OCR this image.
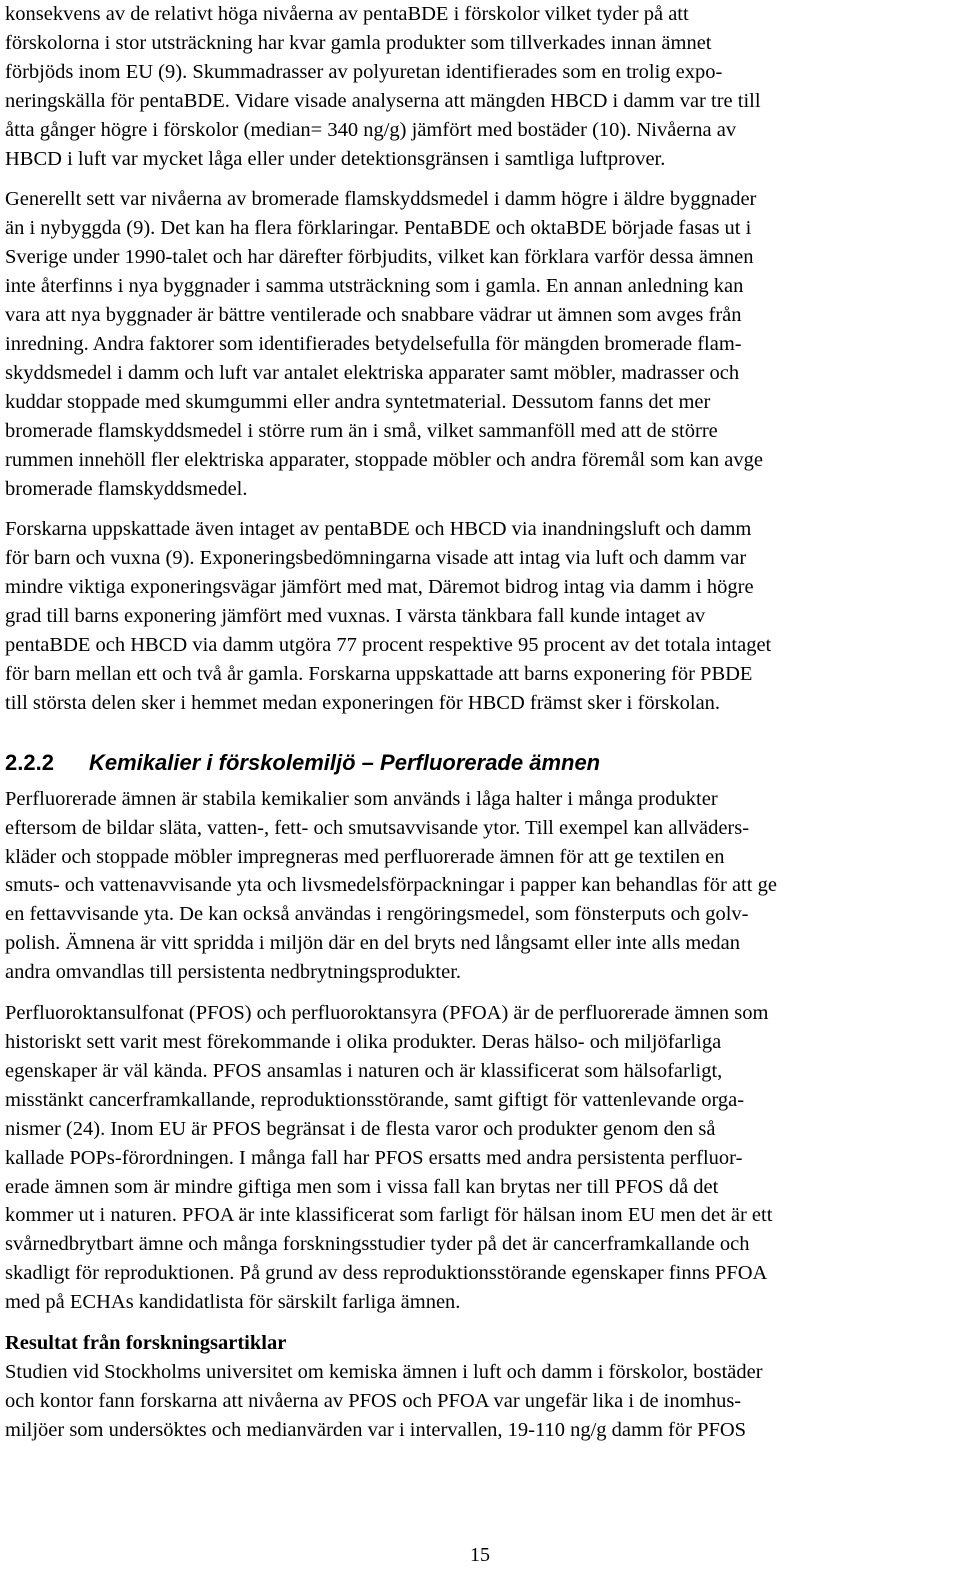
konsekvens av de relativt höga nivåerna av pentaBDE i förskolor vilket tyder på att
förskolorna i stor utsträckning har kvar gamla produkter som tillverkades innan ämnet
förbjöds inom EU (9). Skummadrasser av polyuretan identifierades som en trolig expo-
neringskälla för pentaBDE. Vidare visade analyserna att mängden HBCD i damm var tre till
åtta gånger högre i förskolor (median= 340 ng/g) jämfört med bostäder (10). Nivåerna av
HBCD i luft var mycket låga eller under detektionsgränsen i samtliga luftprover.

Generellt sett var nivåerna av bromerade flamskyddsmedel i damm högre i äldre byggnader
än i nybyggda (9). Det kan ha flera förklaringar. PentaBDE och oktaBDE började fasas ut i
Sverige under 1990-talet och har därefter förbjudits, vilket kan förklara varför dessa ämnen
inte återfinns i nya byggnader i samma utsträckning som i gamla. En annan anledning kan
vara att nya byggnader är bättre ventilerade och snabbare vädrar ut ämnen som avges från
inredning. Andra faktorer som identifierades betydelsefulla för mängden bromerade flam-
skyddsmedel i damm och luft var antalet elektriska apparater samt möbler, madrasser och
kuddar stoppade med skumgummi eller andra syntetmaterial. Dessutom fanns det mer
bromerade flamskyddsmedel i större rum än i små, vilket sammanföll med att de större
rummen innehöll fler elektriska apparater, stoppade möbler och andra föremål som kan avge
bromerade flamskyddsmedel.

Forskarna uppskattade även intaget av pentaBDE och HBCD via inandningsluft och damm
för barn och vuxna (9). Exponeringsbedömningarna visade att intag via luft och damm var
mindre viktiga exponeringsvägar jämfört med mat, Däremot bidrog intag via damm i högre
grad till barns exponering jämfört med vuxnas. I värsta tänkbara fall kunde intaget av
pentaBDE och HBCD via damm utgöra 77 procent respektive 95 procent av det totala intaget
för barn mellan ett och två år gamla. Forskarna uppskattade att barns exponering för PBDE
till största delen sker i hemmet medan exponeringen för HBCD främst sker i förskolan.

2.2.2	Kemikalier i förskolemiljö – Perfluorerade ämnen

Perfluorerade ämnen är stabila kemikalier som används i låga halter i många produkter
eftersom de bildar släta, vatten-, fett- och smutsavvisande ytor. Till exempel kan allväders-
kläder och stoppade möbler impregneras med perfluorerade ämnen för att ge textilen en
smuts- och vattenavvisande yta och livsmedelsförpackningar i papper kan behandlas för att ge
en fettavvisande yta. De kan också användas i rengöringsmedel, som fönsterputs och golv-
polish. Ämnena är vitt spridda i miljön där en del bryts ned långsamt eller inte alls medan
andra omvandlas till persistenta nedbrytningsprodukter.

Perfluoroktansulfonat (PFOS) och perfluoroktansyra (PFOA) är de perfluorerade ämnen som
historiskt sett varit mest förekommande i olika produkter. Deras hälso- och miljöfarliga
egenskaper är väl kända. PFOS ansamlas i naturen och är klassificerat som hälsofarligt,
misstänkt cancerframkallande, reproduktionsstörande, samt giftigt för vattenlevande orga-
nismer (24). Inom EU är PFOS begränsat i de flesta varor och produkter genom den så
kallade POPs-förordningen. I många fall har PFOS ersatts med andra persistenta perfluor-
erade ämnen som är mindre giftiga men som i vissa fall kan brytas ner till PFOS då det
kommer ut i naturen. PFOA är inte klassificerat som farligt för hälsan inom EU men det är ett
svårnedbrytbart ämne och många forskningsstudier tyder på det är cancerframkallande och
skadligt för reproduktionen. På grund av dess reproduktionsstörande egenskaper finns PFOA
med på ECHAs kandidatlista för särskilt farliga ämnen.

Resultat från forskningsartiklar

Studien vid Stockholms universitet om kemiska ämnen i luft och damm i förskolor, bostäder
och kontor fann forskarna att nivåerna av PFOS och PFOA var ungefär lika i de inomhus-
miljöer som undersöktes och medianvärden var i intervallen, 19-110 ng/g damm för PFOS

15
